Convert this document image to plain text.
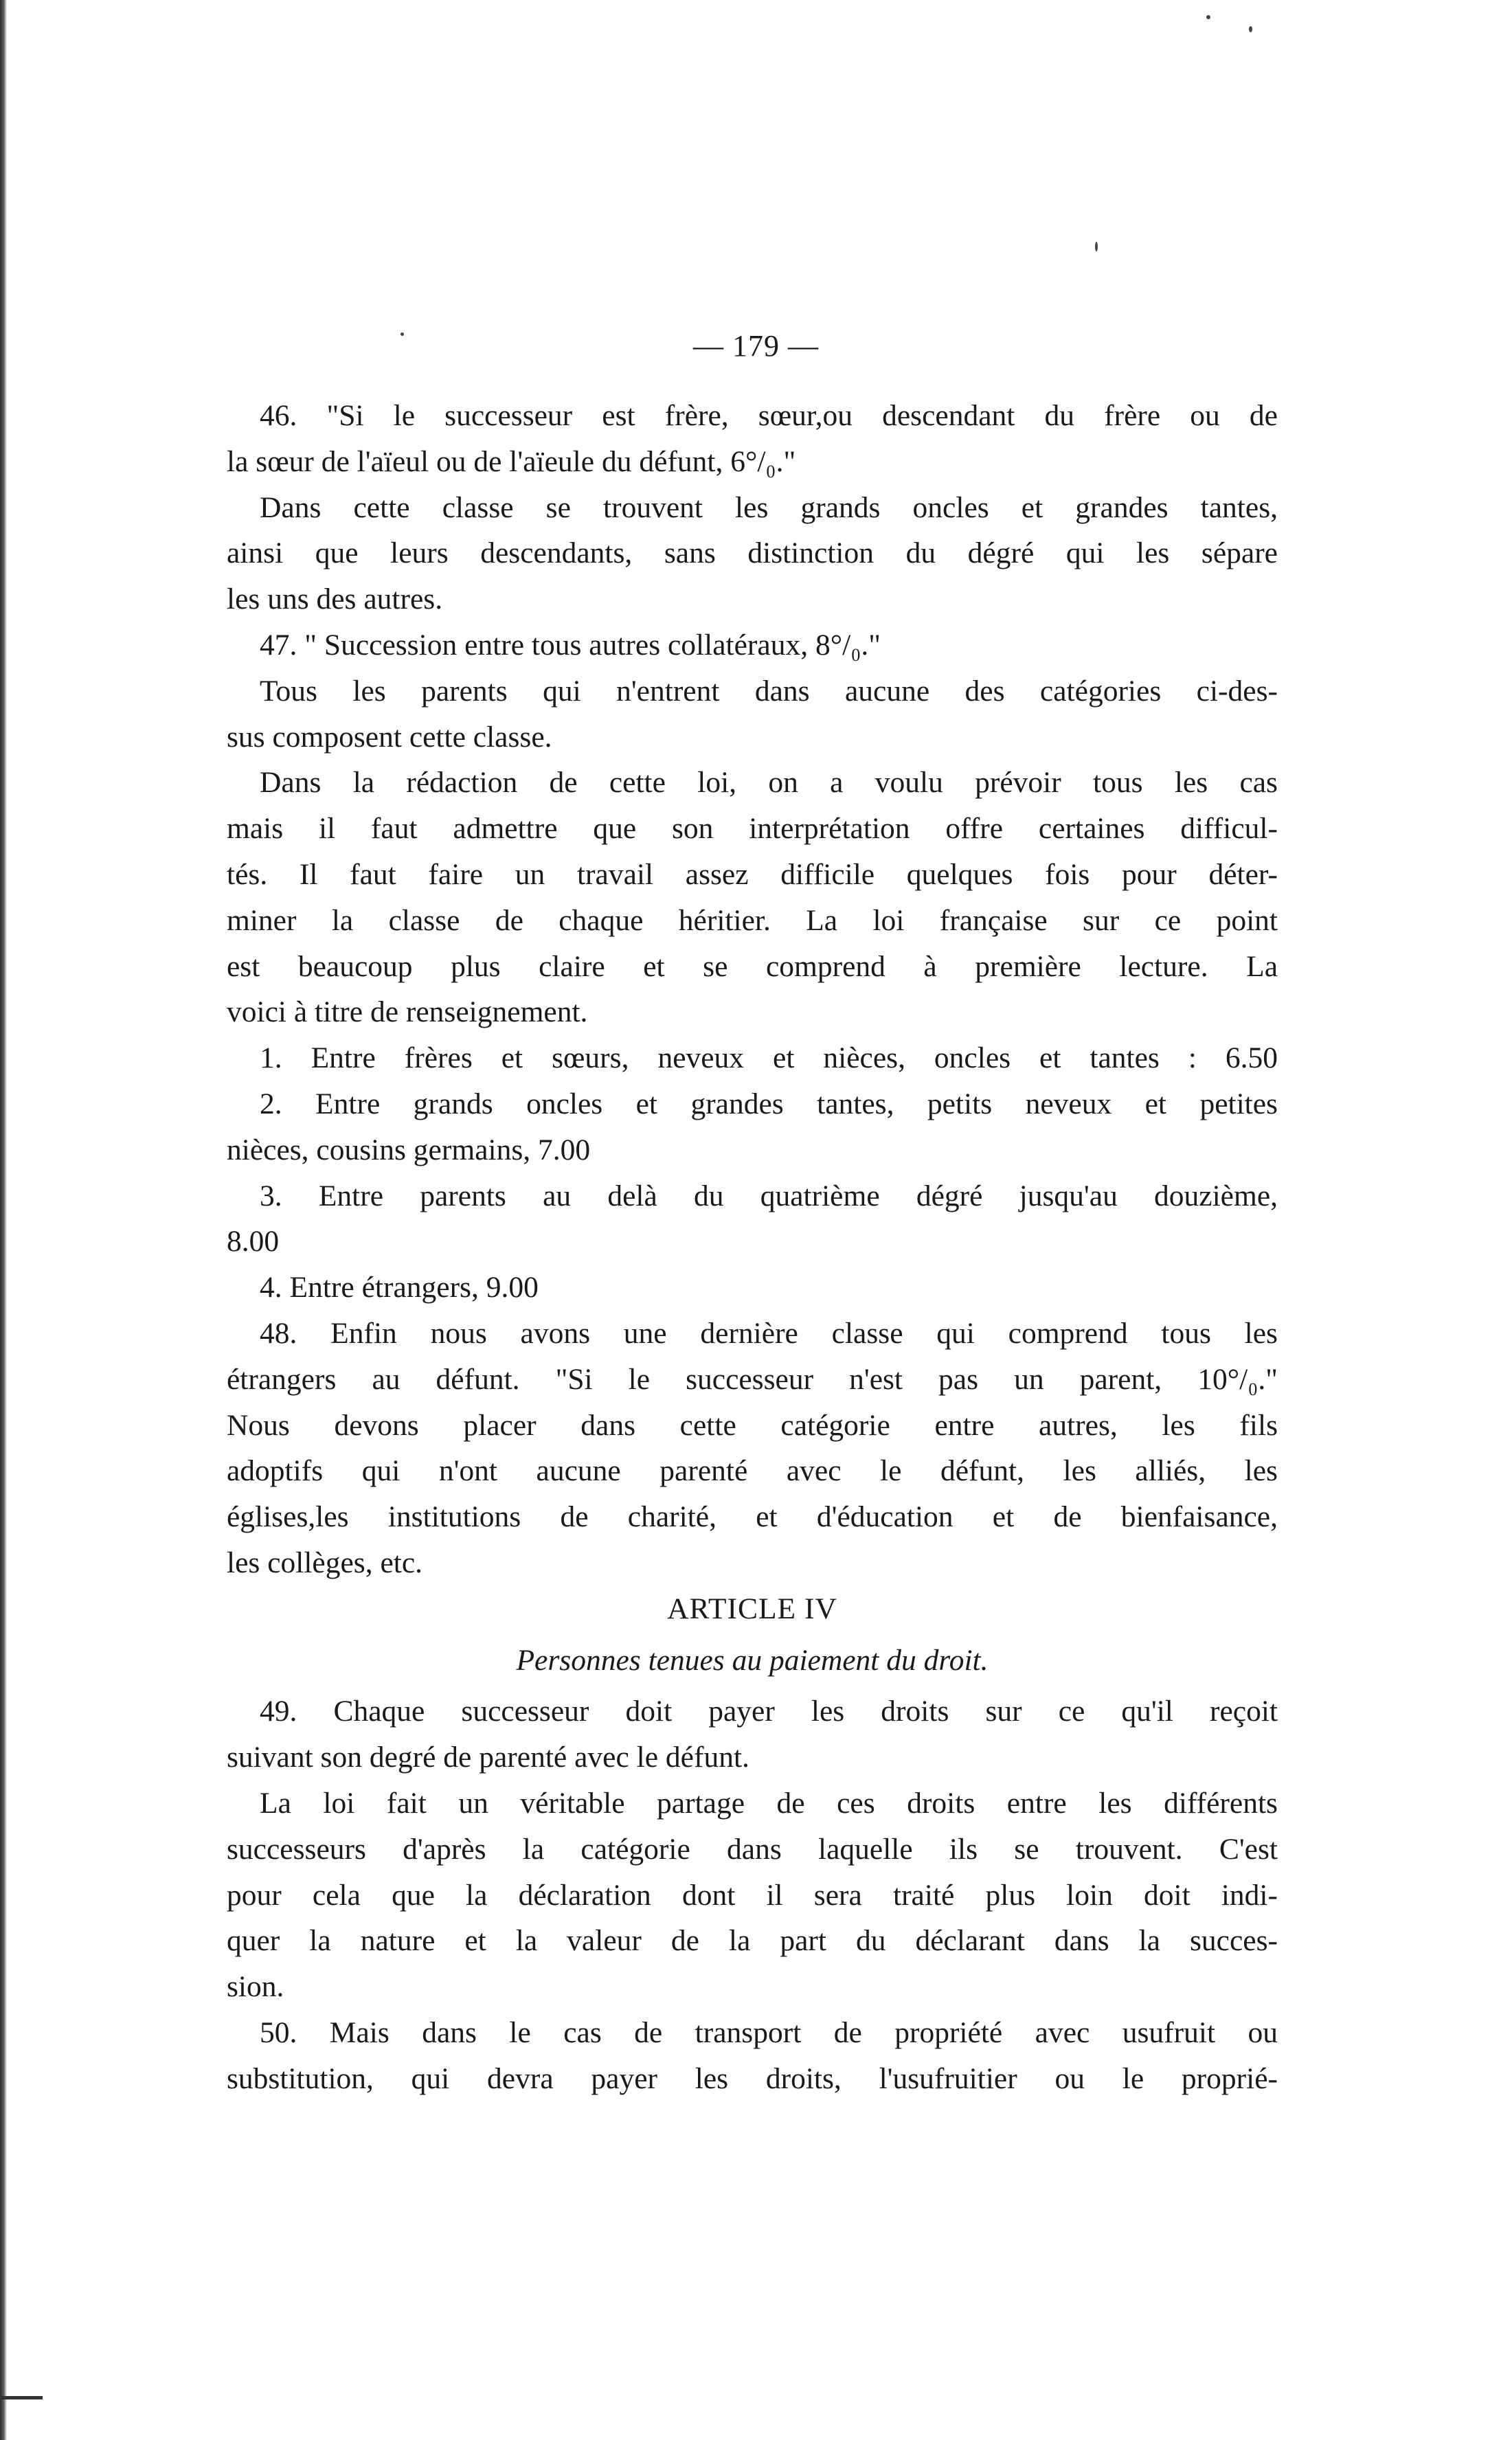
— 179 —
46. "Si le successeur est frère, sœur,ou descendant du frère ou de
la sœur de l'aïeul ou de l'aïeule du défunt, 6°/₀."
Dans cette classe se trouvent les grands oncles et grandes tantes,
ainsi que leurs descendants, sans distinction du dégré qui les sépare
les uns des autres.
47. " Succession entre tous autres collatéraux, 8°/₀."
Tous les parents qui n'entrent dans aucune des catégories ci-des-
sus composent cette classe.
Dans la rédaction de cette loi, on a voulu prévoir tous les cas
mais il faut admettre que son interprétation offre certaines difficul-
tés. Il faut faire un travail assez difficile quelques fois pour déter-
miner la classe de chaque héritier. La loi française sur ce point
est beaucoup plus claire et se comprend à première lecture. La
voici à titre de renseignement.
1. Entre frères et sœurs, neveux et nièces, oncles et tantes : 6.50
2. Entre grands oncles et grandes tantes, petits neveux et petites
nièces, cousins germains, 7.00
3. Entre parents au delà du quatrième dégré jusqu'au douzième,
8.00
4. Entre étrangers, 9.00
48. Enfin nous avons une dernière classe qui comprend tous les
étrangers au défunt. "Si le successeur n'est pas un parent, 10°/₀."
Nous devons placer dans cette catégorie entre autres, les fils
adoptifs qui n'ont aucune parenté avec le défunt, les alliés, les
églises,les institutions de charité, et d'éducation et de bienfaisance,
les collèges, etc.
ARTICLE IV
Personnes tenues au paiement du droit.
49. Chaque successeur doit payer les droits sur ce qu'il reçoit
suivant son degré de parenté avec le défunt.
La loi fait un véritable partage de ces droits entre les différents
successeurs d'après la catégorie dans laquelle ils se trouvent. C'est
pour cela que la déclaration dont il sera traité plus loin doit indi-
quer la nature et la valeur de la part du déclarant dans la succes-
sion.
50. Mais dans le cas de transport de propriété avec usufruit ou
substitution, qui devra payer les droits, l'usufruitier ou le proprié-
